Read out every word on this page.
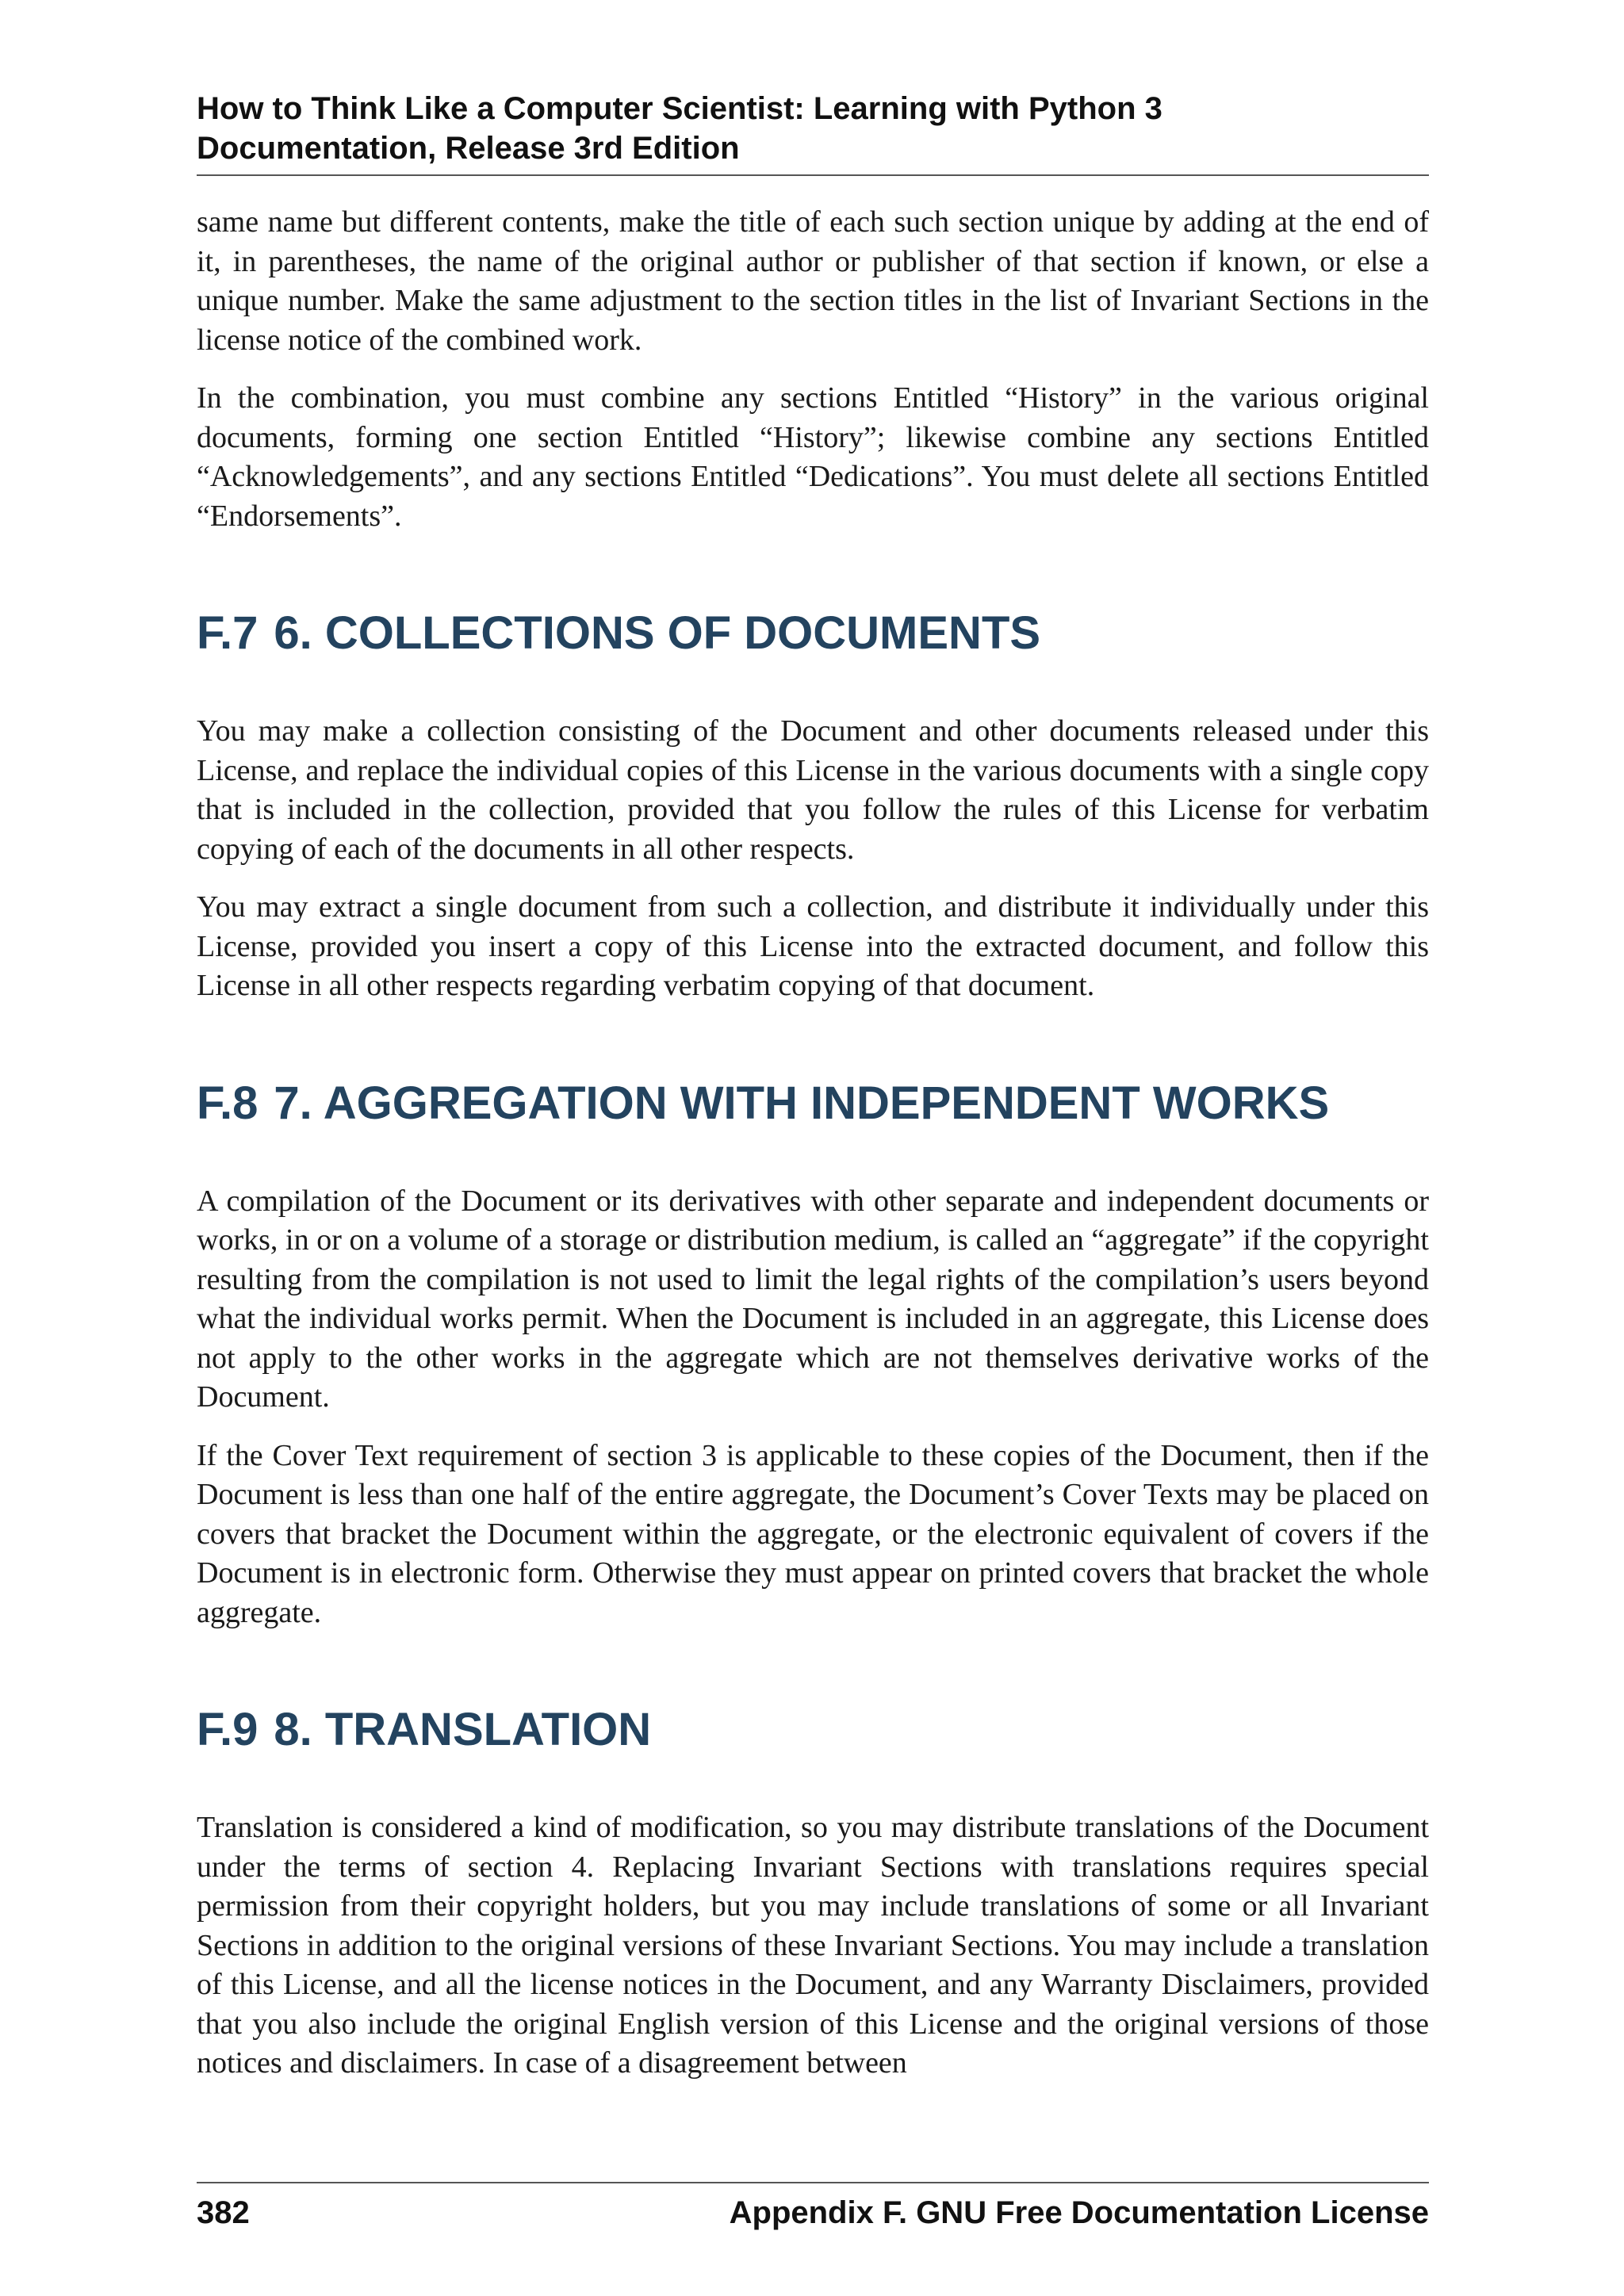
How to Think Like a Computer Scientist: Learning with Python 3
Documentation, Release 3rd Edition

same name but different contents, make the title of each such section unique by adding at the end of it, in parentheses, the name of the original author or publisher of that section if known, or else a unique number. Make the same adjustment to the section titles in the list of Invariant Sections in the license notice of the combined work.

In the combination, you must combine any sections Entitled “History” in the various original documents, forming one section Entitled “History”; likewise combine any sections Entitled “Acknowledgements”, and any sections Entitled “Dedications”. You must delete all sections Entitled “Endorsements”.

F.7 6. COLLECTIONS OF DOCUMENTS

You may make a collection consisting of the Document and other documents released under this License, and replace the individual copies of this License in the various documents with a single copy that is included in the collection, provided that you follow the rules of this License for verbatim copying of each of the documents in all other respects.

You may extract a single document from such a collection, and distribute it individually under this License, provided you insert a copy of this License into the extracted document, and follow this License in all other respects regarding verbatim copying of that document.

F.8 7. AGGREGATION WITH INDEPENDENT WORKS

A compilation of the Document or its derivatives with other separate and independent documents or works, in or on a volume of a storage or distribution medium, is called an “aggregate” if the copyright resulting from the compilation is not used to limit the legal rights of the compilation’s users beyond what the individual works permit. When the Document is included in an aggregate, this License does not apply to the other works in the aggregate which are not themselves derivative works of the Document.

If the Cover Text requirement of section 3 is applicable to these copies of the Document, then if the Document is less than one half of the entire aggregate, the Document’s Cover Texts may be placed on covers that bracket the Document within the aggregate, or the electronic equivalent of covers if the Document is in electronic form. Otherwise they must appear on printed covers that bracket the whole aggregate.

F.9 8. TRANSLATION

Translation is considered a kind of modification, so you may distribute translations of the Document under the terms of section 4. Replacing Invariant Sections with translations requires special permission from their copyright holders, but you may include translations of some or all Invariant Sections in addition to the original versions of these Invariant Sections. You may include a translation of this License, and all the license notices in the Document, and any Warranty Disclaimers, provided that you also include the original English version of this License and the original versions of those notices and disclaimers. In case of a disagreement between

382	Appendix F. GNU Free Documentation License
